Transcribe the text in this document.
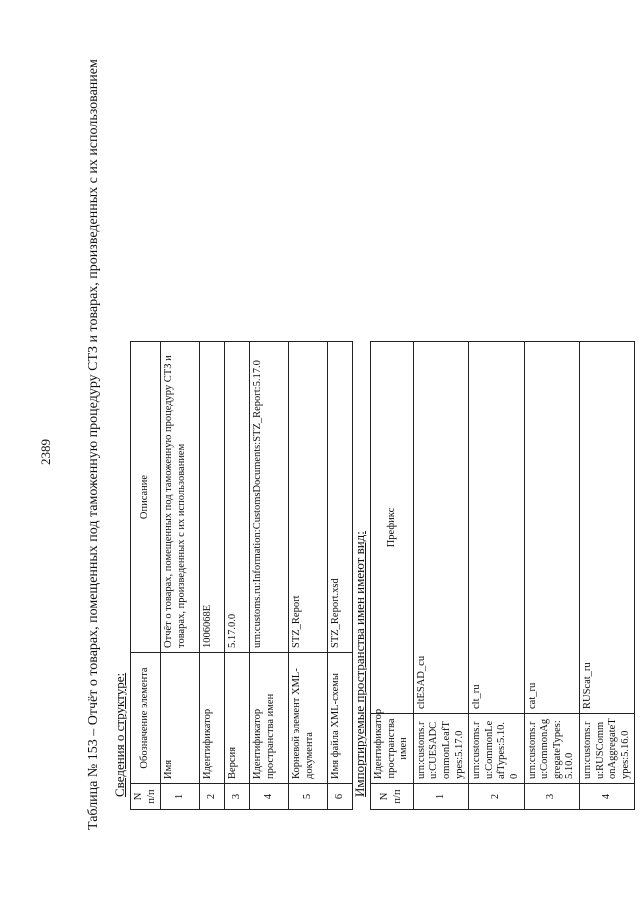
2389 Таблица № 153 – Отчёт о товарах, помещенных под таможенную процедуру СТЗ и товарах, произведенных с их использованием Сведения о структуре: N п/п	Обозначение элемента	Описание
1	Имя	Отчёт о товарах, помещенных под таможенную процедуру СТЗ и товарах, произведенных с их использованием
2	Идентификатор	1006068E
3	Версия	5.17.0.0
4	Идентификатор пространства имен	urn:customs.ru:Information:CustomsDocuments:STZ_Report:5.17.0
5	Корневой элемент XML-документа	STZ_Report
6	Имя файла XML-схемы	STZ_Report.xsd Импортируемые пространства имен имеют вид: N п/п	Идентификатор пространства имен	Префикс
1	urn:customs.ru:CUESADCommonLeafTypes:5.17.0	cltESAD_cu
2	urn:customs.ru:CommonLeafTypes:5.10.0	clt_ru
3	urn:customs.ru:CommonAggregateTypes:5.10.0	cat_ru
4	urn:customs.ru:RUSCommonAggregateTypes:5.16.0	RUScat_ru
